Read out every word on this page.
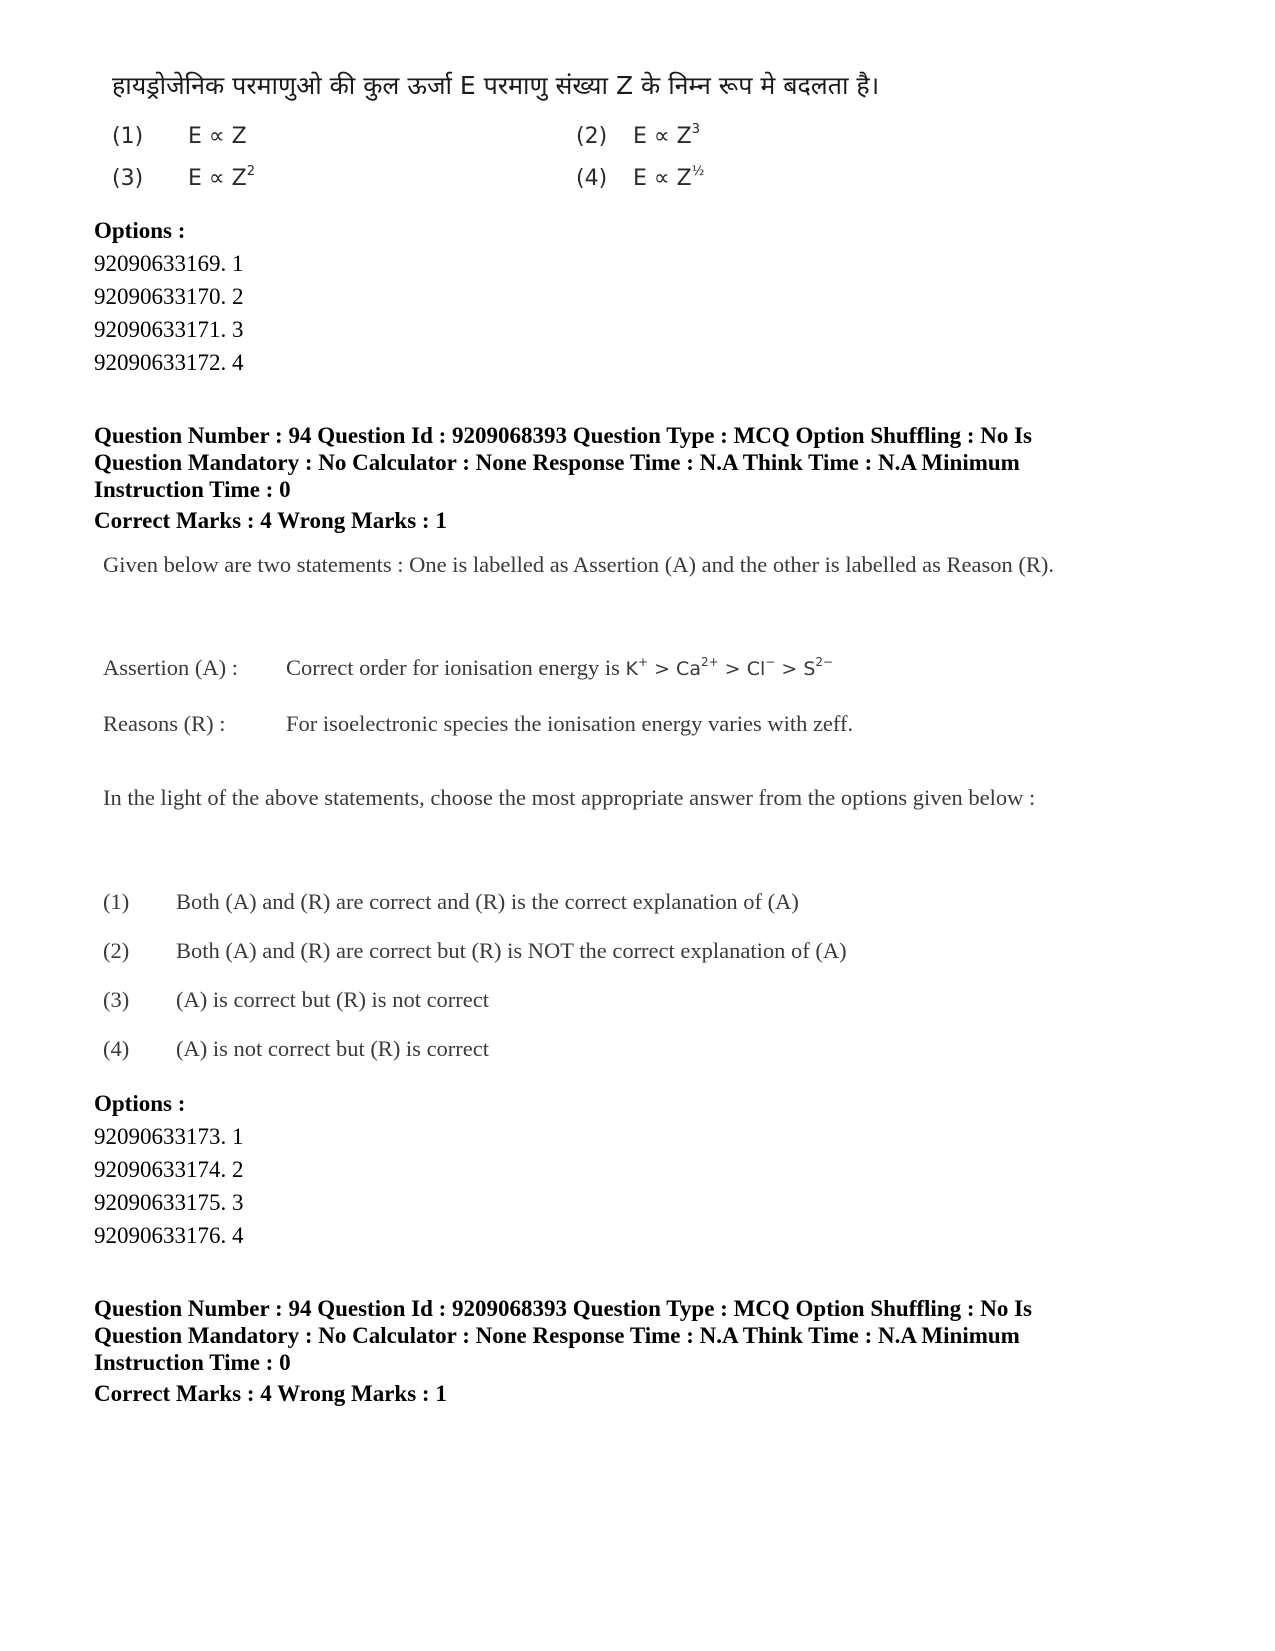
हायड्रोजेनिक परमाणुओ की कुल ऊर्जा E परमाणु संख्या Z के निम्न रूप मे बदलता है।
(1) E ∝ Z	(2) $E \propto Z^3$
(3) $E \propto Z^2$	(4) $E \propto Z^{\frac{1}{2}}$
Options :
92090633169. 1
92090633170. 2
92090633171. 3
92090633172. 4
Question Number : 94 Question Id : 9209068393 Question Type : MCQ Option Shuffling : No Is
Question Mandatory : No Calculator : None Response Time : N.A Think Time : N.A Minimum
Instruction Time : 0
Correct Marks : 4 Wrong Marks : 1
Given below are two statements : One is labelled as Assertion (A) and the other is labelled as Reason (R).
Assertion (A) : Correct order for ionisation energy is $K^+ > Ca^{2+} > Cl^- > S^{2-}$
Reasons (R) :	For isoelectronic species the ionisation energy varies with zeff.
In the light of the above statements, choose the most appropriate answer from the options given below :
(1) Both (A) and (R) are correct and (R) is the correct explanation of (A)
(2) Both (A) and (R) are correct but (R) is NOT the correct explanation of (A)
(3) (A) is correct but (R) is not correct
(4) (A) is not correct but (R) is correct
Options :
92090633173. 1
92090633174. 2
92090633175. 3
92090633176. 4
Question Number : 94 Question Id : 9209068393 Question Type : MCQ Option Shuffling : No Is
Question Mandatory : No Calculator : None Response Time : N.A Think Time : N.A Minimum
Instruction Time : 0
Correct Marks : 4 Wrong Marks : 1
